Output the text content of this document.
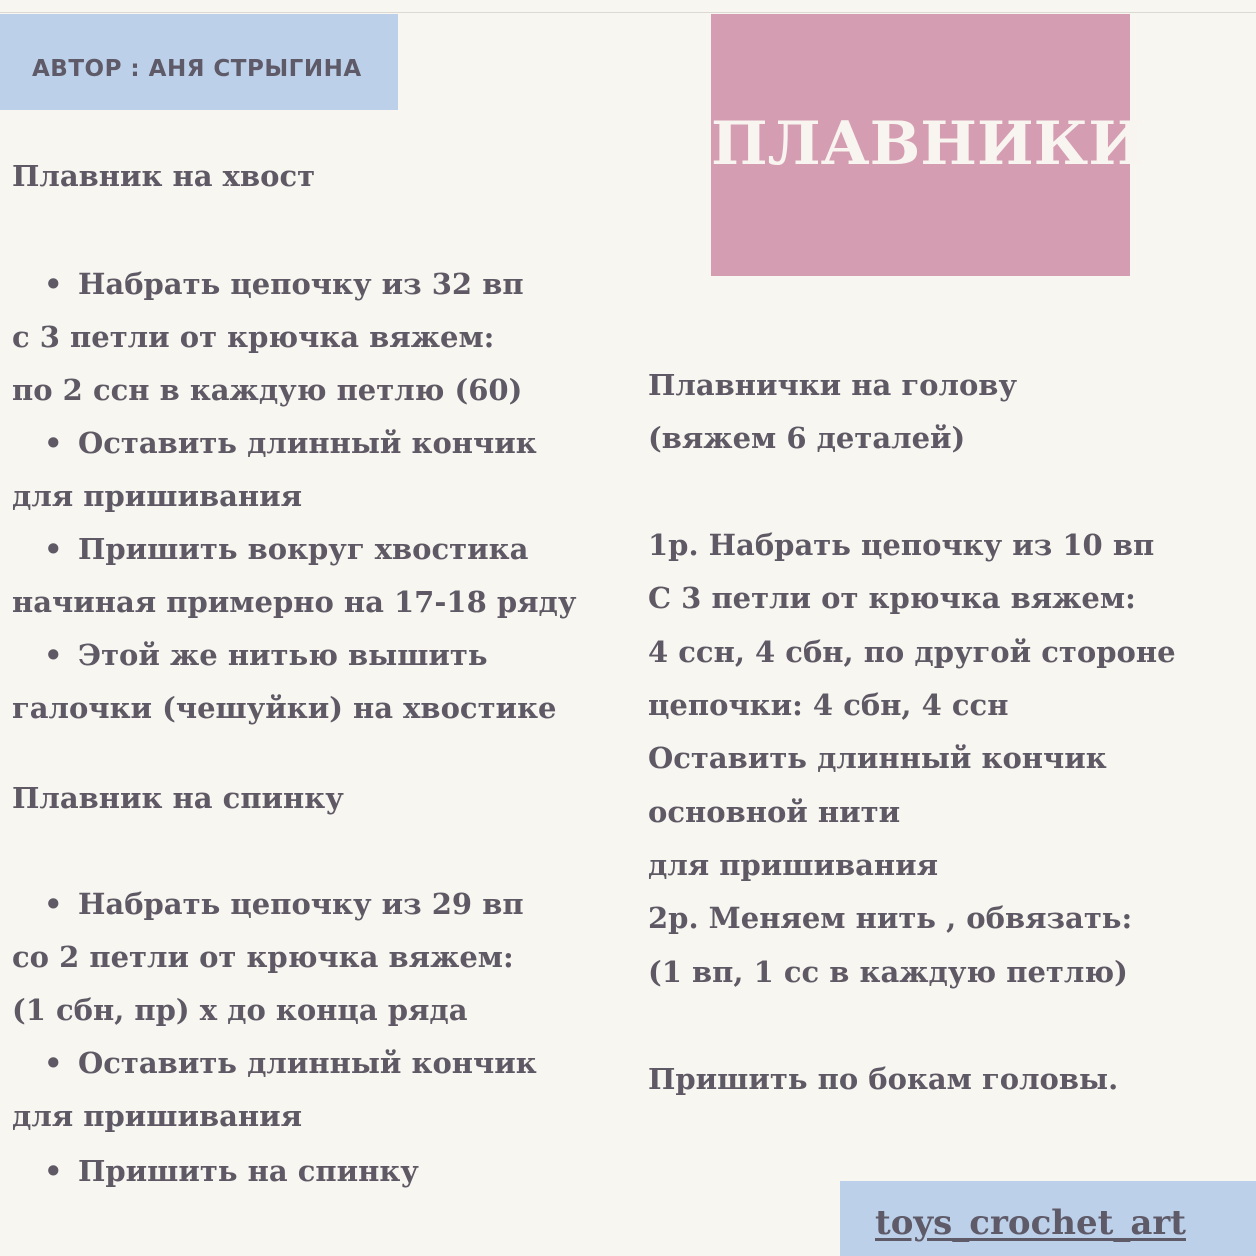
АВТОР : АНЯ СТРЫГИНА
ПЛАВНИКИ
Плавник на хвост
• Набрать цепочку из 32 вп
с 3 петли от крючка вяжем:
по 2 ссн в каждую петлю (60)
• Оставить длинный кончик
для пришивания
• Пришить вокруг хвостика
начиная примерно на 17-18 ряду
• Этой же нитью вышить
галочки (чешуйки) на хвостике
Плавник на спинку
• Набрать цепочку из 29 вп
со 2 петли от крючка вяжем:
(1 сбн, пр) х до конца ряда
• Оставить длинный кончик
для пришивания
• Пришить на спинку
Плавнички на голову
(вяжем 6 деталей)
1р. Набрать цепочку из 10 вп
С 3 петли от крючка вяжем:
4 ссн, 4 сбн, по другой стороне
цепочки: 4 сбн, 4 ссн
Оставить длинный кончик
основной нити
для пришивания
2р. Меняем нить , обвязать:
(1 вп, 1 сс в каждую петлю)
Пришить по бокам головы.
toys_crochet_art
